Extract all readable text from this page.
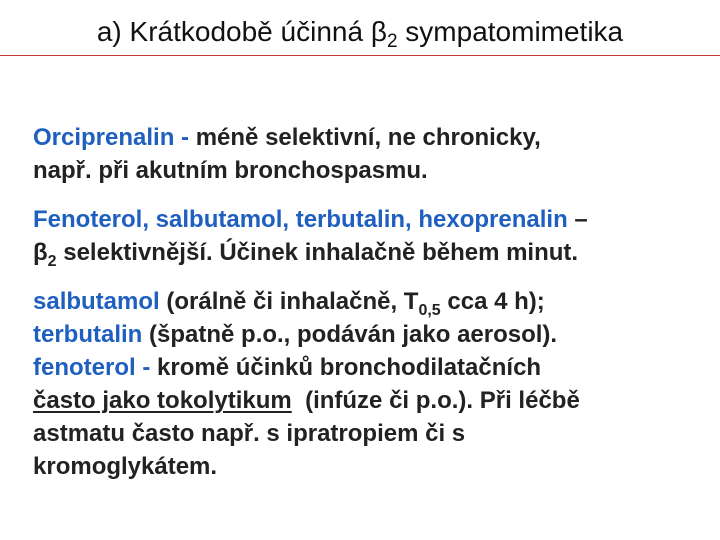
a) Krátkodobě účinná $\beta_2$ sympatomimetika
Orciprenalin - méně selektivní, ne chronicky,
např. při akutním bronchospasmu.
Fenoterol, salbutamol, terbutalin, hexoprenalin –
$\beta_2$ selektivnější. Účinek inhalačně během minut.
salbutamol (orálně či inhalačně, $T_{0,5}$ cca 4 h);
terbutalin (špatně p.o., podáván jako aerosol).
fenoterol - kromě účinků bronchodilatačních
často jako tokolytikum  (infúze či p.o.). Při léčbě
astmatu často např. s ipratropiem či s
kromoglykátem.
